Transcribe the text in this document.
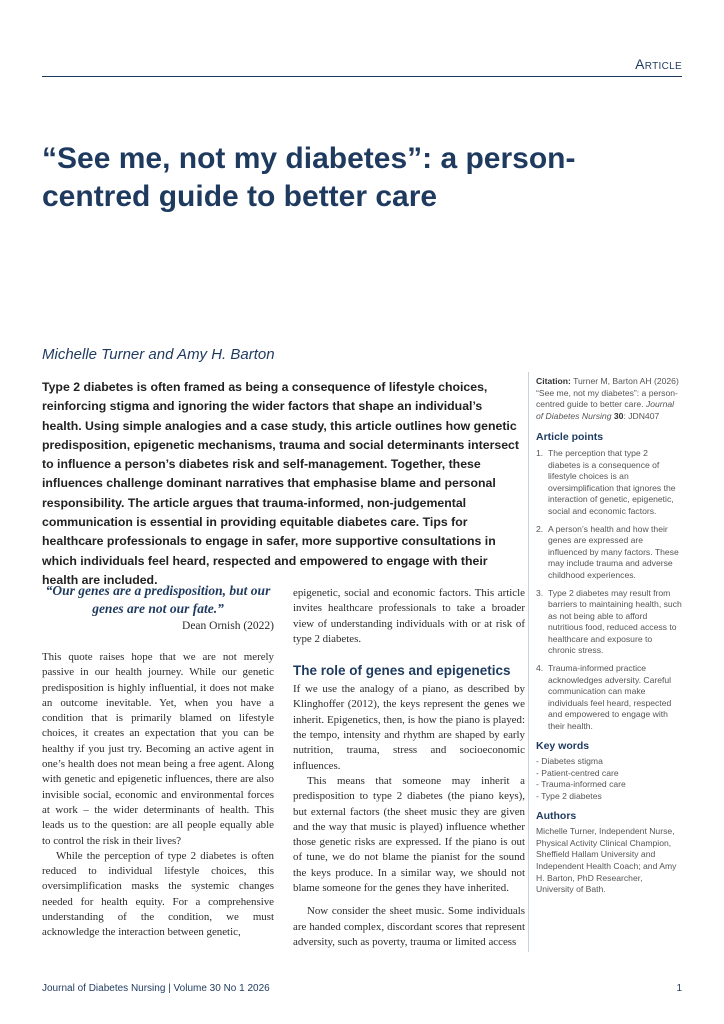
Article
“See me, not my diabetes”: a person-centred guide to better care

Michelle Turner and Amy H. Barton

Type 2 diabetes is often framed as being a consequence of lifestyle choices, reinforcing stigma and ignoring the wider factors that shape an individual’s health. Using simple analogies and a case study, this article outlines how genetic predisposition, epigenetic mechanisms, trauma and social determinants intersect to influence a person’s diabetes risk and self-management. Together, these influences challenge dominant narratives that emphasise blame and personal responsibility. The article argues that trauma-informed, non-judgemental communication is essential in providing equitable diabetes care. Tips for healthcare professionals to engage in safer, more supportive consultations in which individuals feel heard, respected and empowered to engage with their health are included.

“Our genes are a predisposition, but our genes are not our fate.”

Dean Ornish (2022)

This quote raises hope that we are not merely passive in our health journey. While our genetic predisposition is highly influential, it does not make an outcome inevitable. Yet, when you have a condition that is primarily blamed on lifestyle choices, it creates an expectation that you can be healthy if you just try. Becoming an active agent in one’s health does not mean being a free agent. Along with genetic and epigenetic influences, there are also invisible social, economic and environmental forces at work – the wider determinants of health. This leads us to the question: are all people equally able to control the risk in their lives?

While the perception of type 2 diabetes is often reduced to individual lifestyle choices, this oversimplification masks the systemic changes needed for health equity. For a comprehensive understanding of the condition, we must acknowledge the interaction between genetic,

epigenetic, social and economic factors. This article invites healthcare professionals to take a broader view of understanding individuals with or at risk of type 2 diabetes.

The role of genes and epigenetics

If we use the analogy of a piano, as described by Klinghoffer (2012), the keys represent the genes we inherit. Epigenetics, then, is how the piano is played: the tempo, intensity and rhythm are shaped by early nutrition, trauma, stress and socioeconomic influences.

This means that someone may inherit a predisposition to type 2 diabetes (the piano keys), but external factors (the sheet music they are given and the way that music is played) influence whether those genetic risks are expressed. If the piano is out of tune, we do not blame the pianist for the sound the keys produce. In a similar way, we should not blame someone for the genes they have inherited.

Now consider the sheet music. Some individuals are handed complex, discordant scores that represent adversity, such as poverty, trauma or limited access

Citation: Turner M, Barton AH (2026) “See me, not my diabetes”: a person-centred guide to better care. Journal of Diabetes Nursing 30: JDN407

Article points
1. The perception that type 2 diabetes is a consequence of lifestyle choices is an oversimplification that ignores the interaction of genetic, epigenetic, social and economic factors.
2. A person’s health and how their genes are expressed are influenced by many factors. These may include trauma and adverse childhood experiences.
3. Type 2 diabetes may result from barriers to maintaining health, such as not being able to afford nutritious food, reduced access to healthcare and exposure to chronic stress.
4. Trauma-informed practice acknowledges adversity. Careful communication can make individuals feel heard, respected and empowered to engage with their health.
Key words
- Diabetes stigma
- Patient-centred care
- Trauma-informed care
- Type 2 diabetes
Authors

Michelle Turner, Independent Nurse, Physical Activity Clinical Champion, Sheffield Hallam University and Independent Health Coach; and Amy H. Barton, PhD Researcher, University of Bath.

Journal of Diabetes Nursing | Volume 30 No 1 2026	1
